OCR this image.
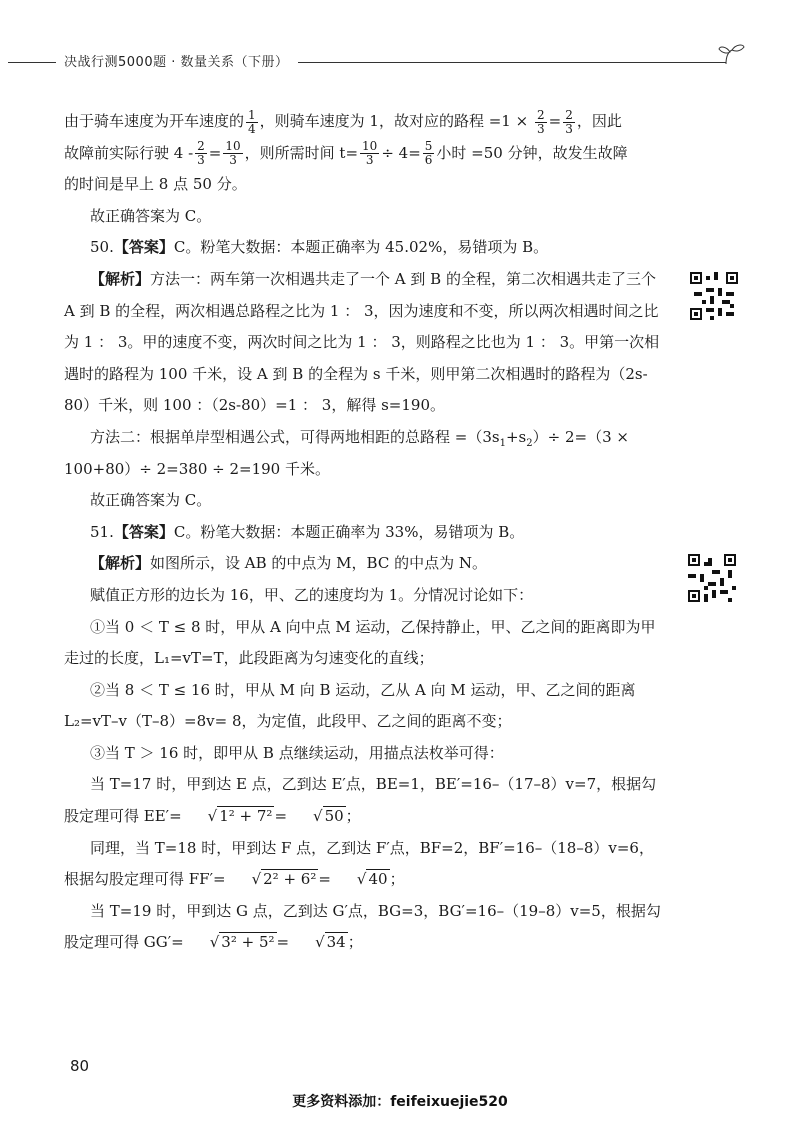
决战行测5000题 · 数量关系（下册）

由于骑车速度为开车速度的 $\frac{1}{4}$ ，则骑车速度为 1，故对应的路程 $=1 \times \frac{2}{3} = \frac{2}{3}$ ，因此

故障前实际行驶 $4 - \frac{2}{3} = \frac{10}{3}$ ，则所需时间 $t= \frac{10}{3} \div 4= \frac{5}{6}$ 小时 =50 分钟，故发生故障

的时间是早上 8 点 50 分。

故正确答案为 C。

50.【答案】C。粉笔大数据：本题正确率为 45.02%，易错项为 B。

【解析】方法一：两车第一次相遇共走了一个 A 到 B 的全程，第二次相遇共走了三个 A 到 B 的全程，两次相遇总路程之比为 1 ： 3，因为速度和不变，所以两次相遇时间之比为 1 ： 3。甲的速度不变，两次时间之比为 1 ： 3，则路程之比也为 1 ： 3。甲第一次相遇时的路程为 100 千米，设 A 到 B 的全程为 s 千米，则甲第二次相遇时的路程为（2s-80）千米，则 100 ：（2s-80）=1 ： 3，解得 s=190。

方法二：根据单岸型相遇公式，可得两地相距的总路程 $=(3s_1+s_2)\div 2=(3 \times 100+80)\div 2=380 \div 2=190$ 千米。

故正确答案为 C。

51.【答案】C。粉笔大数据：本题正确率为 33%，易错项为 B。

【解析】如图所示，设 AB 的中点为 M，BC 的中点为 N。

赋值正方形的边长为 16，甲、乙的速度均为 1。分情况讨论如下：

①当 0 ＜ T ≤ 8 时，甲从 A 向中点 M 运动，乙保持静止，甲、乙之间的距离即为甲走过的长度，L₁=vT=T，此段距离为匀速变化的直线；

②当 8 ＜ T ≤ 16 时，甲从 M 向 B 运动，乙从 A 向 M 运动，甲、乙之间的距离 L₂=vT–v（T–8）=8v= 8，为定值，此段甲、乙之间的距离不变；

③当 T ＞ 16 时，即甲从 B 点继续运动，用描点法枚举可得：

当 T=17 时，甲到达 E 点，乙到达 E′点，BE=1，BE′=16–（17–8）v=7，根据勾股定理可得 EE′= √ 1² + 7² = √ 50 ；

同理，当 T=18 时，甲到达 F 点，乙到达 F′点，BF=2，BF′=16–（18–8）v=6，根据勾股定理可得 FF′= √ 2² + 6² = √ 40 ；

当 T=19 时，甲到达 G 点，乙到达 G′点，BG=3，BG′=16–（19–8）v=5，根据勾股定理可得 GG′= √ 3² + 5² = √ 34 ；

80
更多资料添加：feifeixuejie520
